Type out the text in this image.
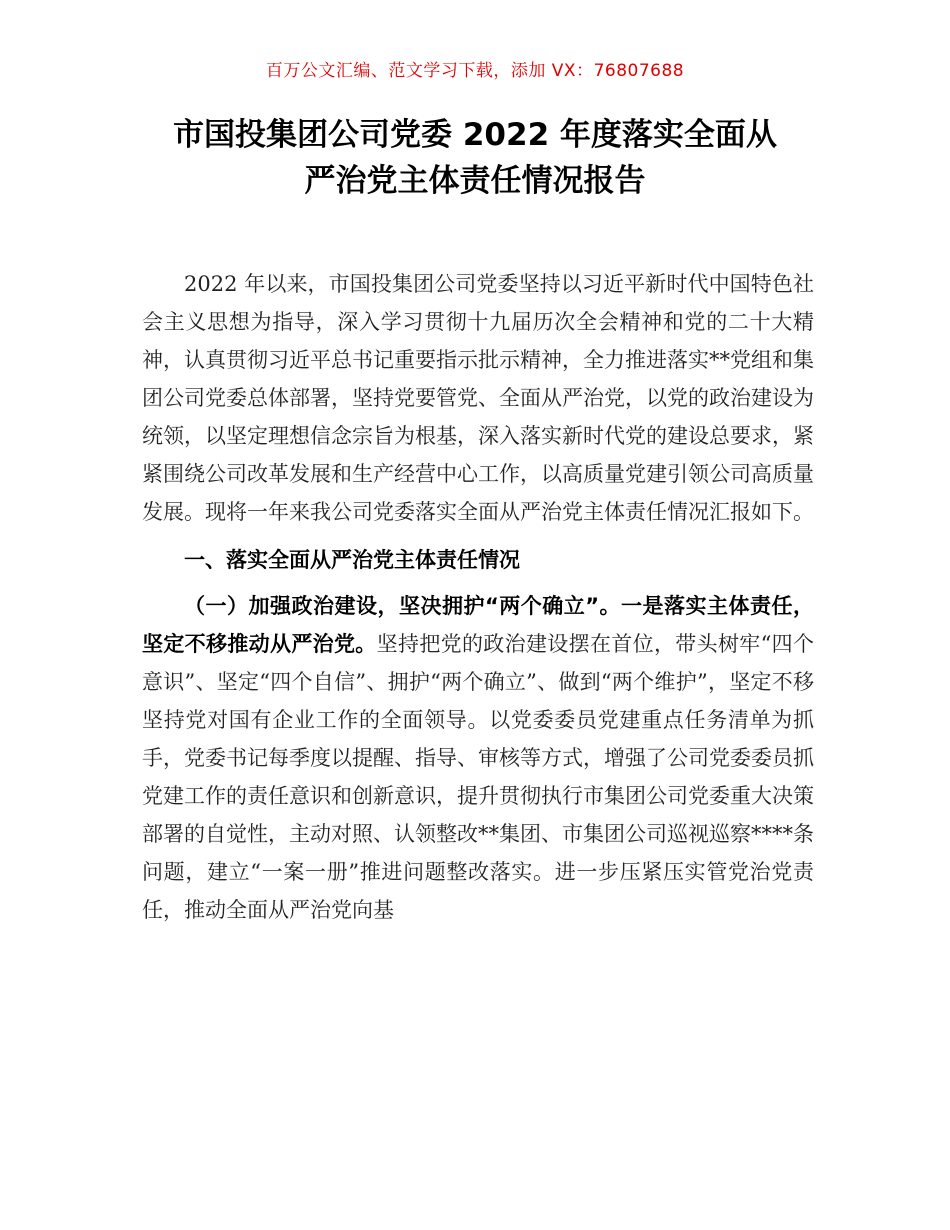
百万公文汇编、范文学习下载，添加 VX：76807688
市国投集团公司党委 2022 年度落实全面从
严治党主体责任情况报告

2022 年以来，市国投集团公司党委坚持以习近平新时代中国特色社会主义思想为指导，深入学习贯彻十九届历次全会精神和党的二十大精神，认真贯彻习近平总书记重要指示批示精神，全力推进落实**党组和集团公司党委总体部署，坚持党要管党、全面从严治党，以党的政治建设为统领，以坚定理想信念宗旨为根基，深入落实新时代党的建设总要求，紧紧围绕公司改革发展和生产经营中心工作，以高质量党建引领公司高质量发展。现将一年来我公司党委落实全面从严治党主体责任情况汇报如下。

一、落实全面从严治党主体责任情况

（一）加强政治建设，坚决拥护“两个确立”。一是落实主体责任，坚定不移推动从严治党。坚持把党的政治建设摆在首位，带头树牢“四个意识”、坚定“四个自信”、拥护“两个确立”、做到“两个维护”，坚定不移坚持党对国有企业工作的全面领导。以党委委员党建重点任务清单为抓手，党委书记每季度以提醒、指导、审核等方式，增强了公司党委委员抓党建工作的责任意识和创新意识，提升贯彻执行市集团公司党委重大决策部署的自觉性，主动对照、认领整改**集团、市集团公司巡视巡察****条问题，建立“一案一册”推进问题整改落实。进一步压紧压实管党治党责任，推动全面从严治党向基
